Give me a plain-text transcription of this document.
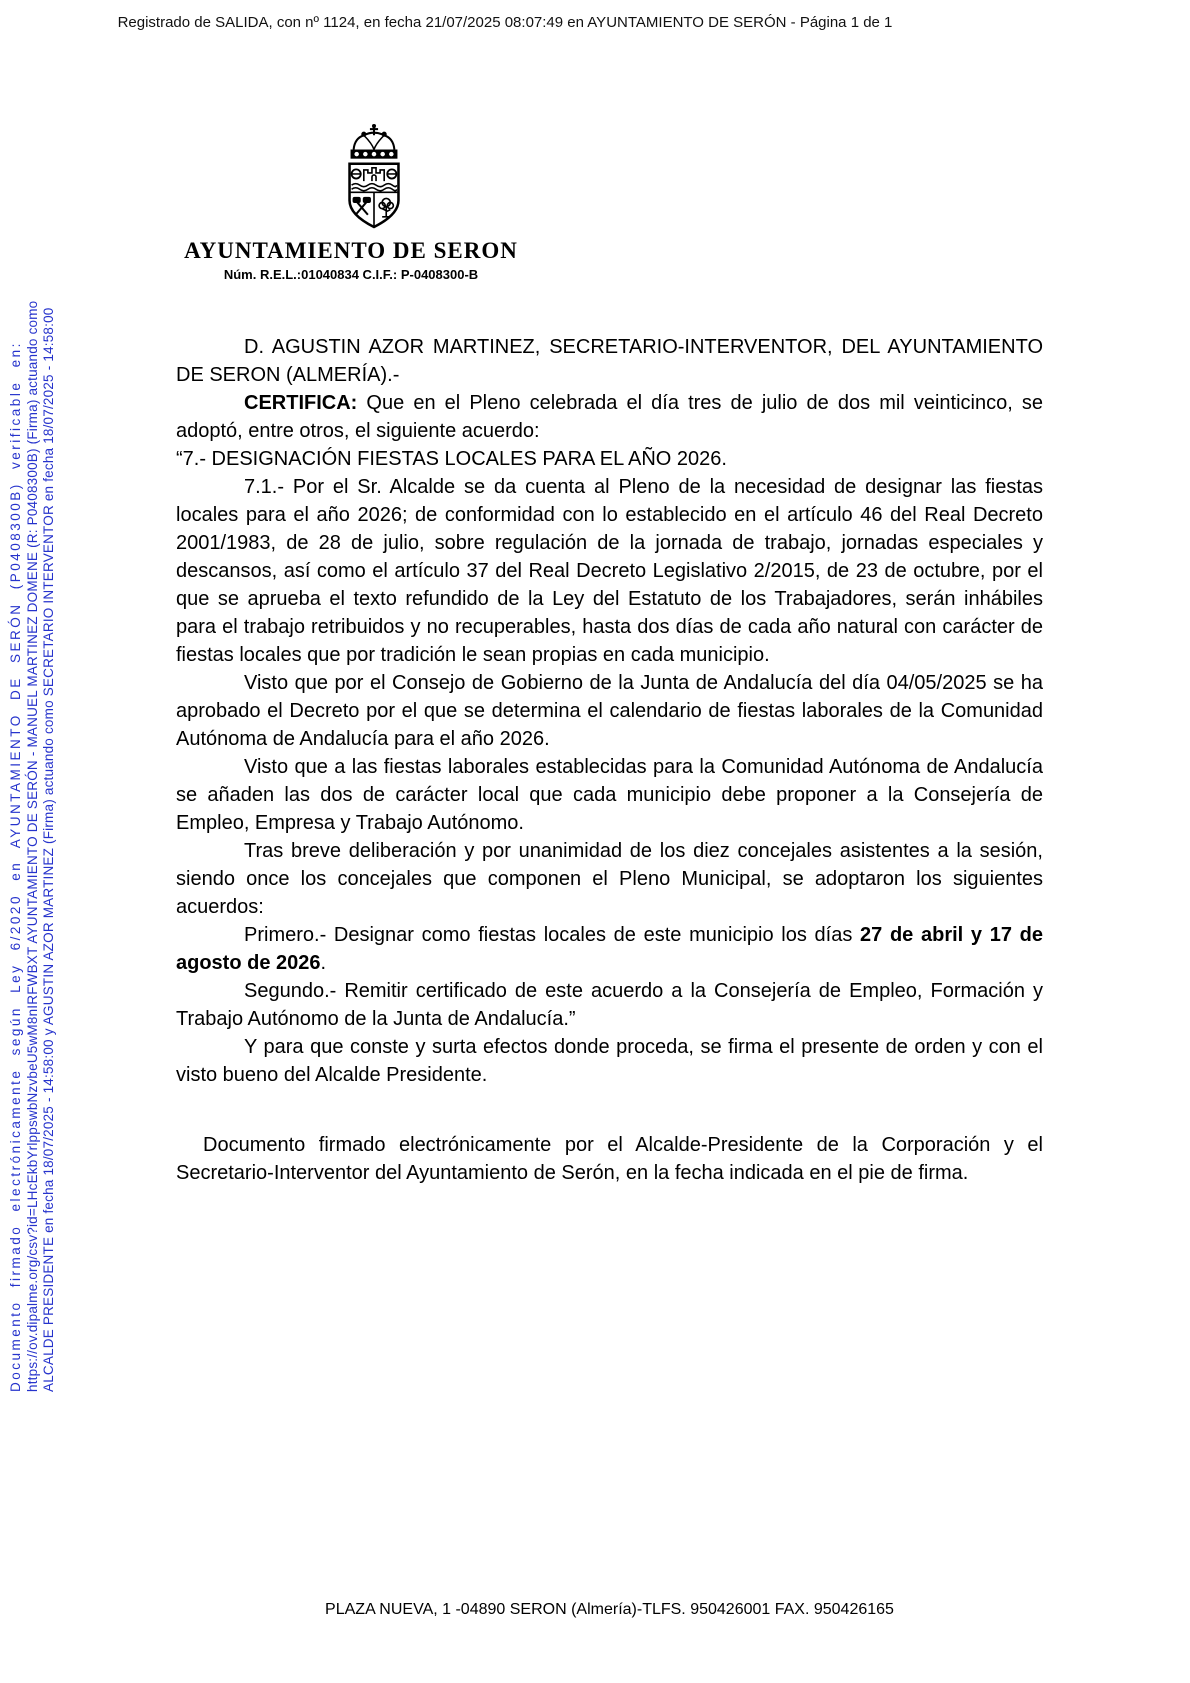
Registrado de SALIDA, con nº 1124, en fecha 21/07/2025 08:07:49 en AYUNTAMIENTO DE SERÓN - Página 1 de 1
AYUNTAMIENTO DE SERON
Núm. R.E.L.:01040834 C.I.F.: P-0408300-B

D. AGUSTIN AZOR MARTINEZ, SECRETARIO-INTERVENTOR, DEL AYUNTAMIENTO DE SERON (ALMERÍA).-

CERTIFICA: Que en el Pleno celebrada el día tres de julio de dos mil veinticinco, se adoptó, entre otros, el siguiente acuerdo:

“7.- DESIGNACIÓN FIESTAS LOCALES PARA EL AÑO 2026.

7.1.- Por el Sr. Alcalde se da cuenta al Pleno de la necesidad de designar las fiestas locales para el año 2026; de conformidad con lo establecido en el artículo 46 del Real Decreto 2001/1983, de 28 de julio, sobre regulación de la jornada de trabajo, jornadas especiales y descansos, así como el artículo 37 del Real Decreto Legislativo 2/2015, de 23 de octubre, por el que se aprueba el texto refundido de la Ley del Estatuto de los Trabajadores, serán inhábiles para el trabajo retribuidos y no recuperables, hasta dos días de cada año natural con carácter de fiestas locales que por tradición le sean propias en cada municipio.

Visto que por el Consejo de Gobierno de la Junta de Andalucía del día 04/05/2025 se ha aprobado el Decreto por el que se determina el calendario de fiestas laborales de la Comunidad Autónoma de Andalucía para el año 2026.

Visto que a las fiestas laborales establecidas para la Comunidad Autónoma de Andalucía se añaden las dos de carácter local que cada municipio debe proponer a la Consejería de Empleo, Empresa y Trabajo Autónomo.

Tras breve deliberación y por unanimidad de los diez concejales asistentes a la sesión, siendo once los concejales que componen el Pleno Municipal, se adoptaron los siguientes acuerdos:

Primero.- Designar como fiestas locales de este municipio los días 27 de abril y 17 de agosto de 2026.

Segundo.- Remitir certificado de este acuerdo a la Consejería de Empleo, Formación y Trabajo Autónomo de la Junta de Andalucía.”

Y para que conste y surta efectos donde proceda, se firma el presente de orden y con el visto bueno del Alcalde Presidente.

Documento firmado electrónicamente por el Alcalde-Presidente de la Corporación y el Secretario-Interventor del Ayuntamiento de Serón, en la fecha indicada en el pie de firma.

Documento firmado electrónicamente según Ley 6/2020 en AYUNTAMIENTO DE SERÓN (P0408300B) verificable en: https://ov.dipalme.org/csv?id=LHcEkbYrlppswbNzvbeU5wM8nIRFWBXT AYUNTAMIENTO DE SERÓN - MANUEL MARTINEZ DOMENE (R: P0408300B) (Firma) actuando como ALCALDE PRESIDENTE en fecha 18/07/2025 - 14:58:00 y AGUSTIN AZOR MARTINEZ (Firma) actuando como SECRETARIO INTERVENTOR en fecha 18/07/2025 - 14:58:00
PLAZA NUEVA, 1 -04890 SERON (Almería)-TLFS. 950426001 FAX. 950426165
